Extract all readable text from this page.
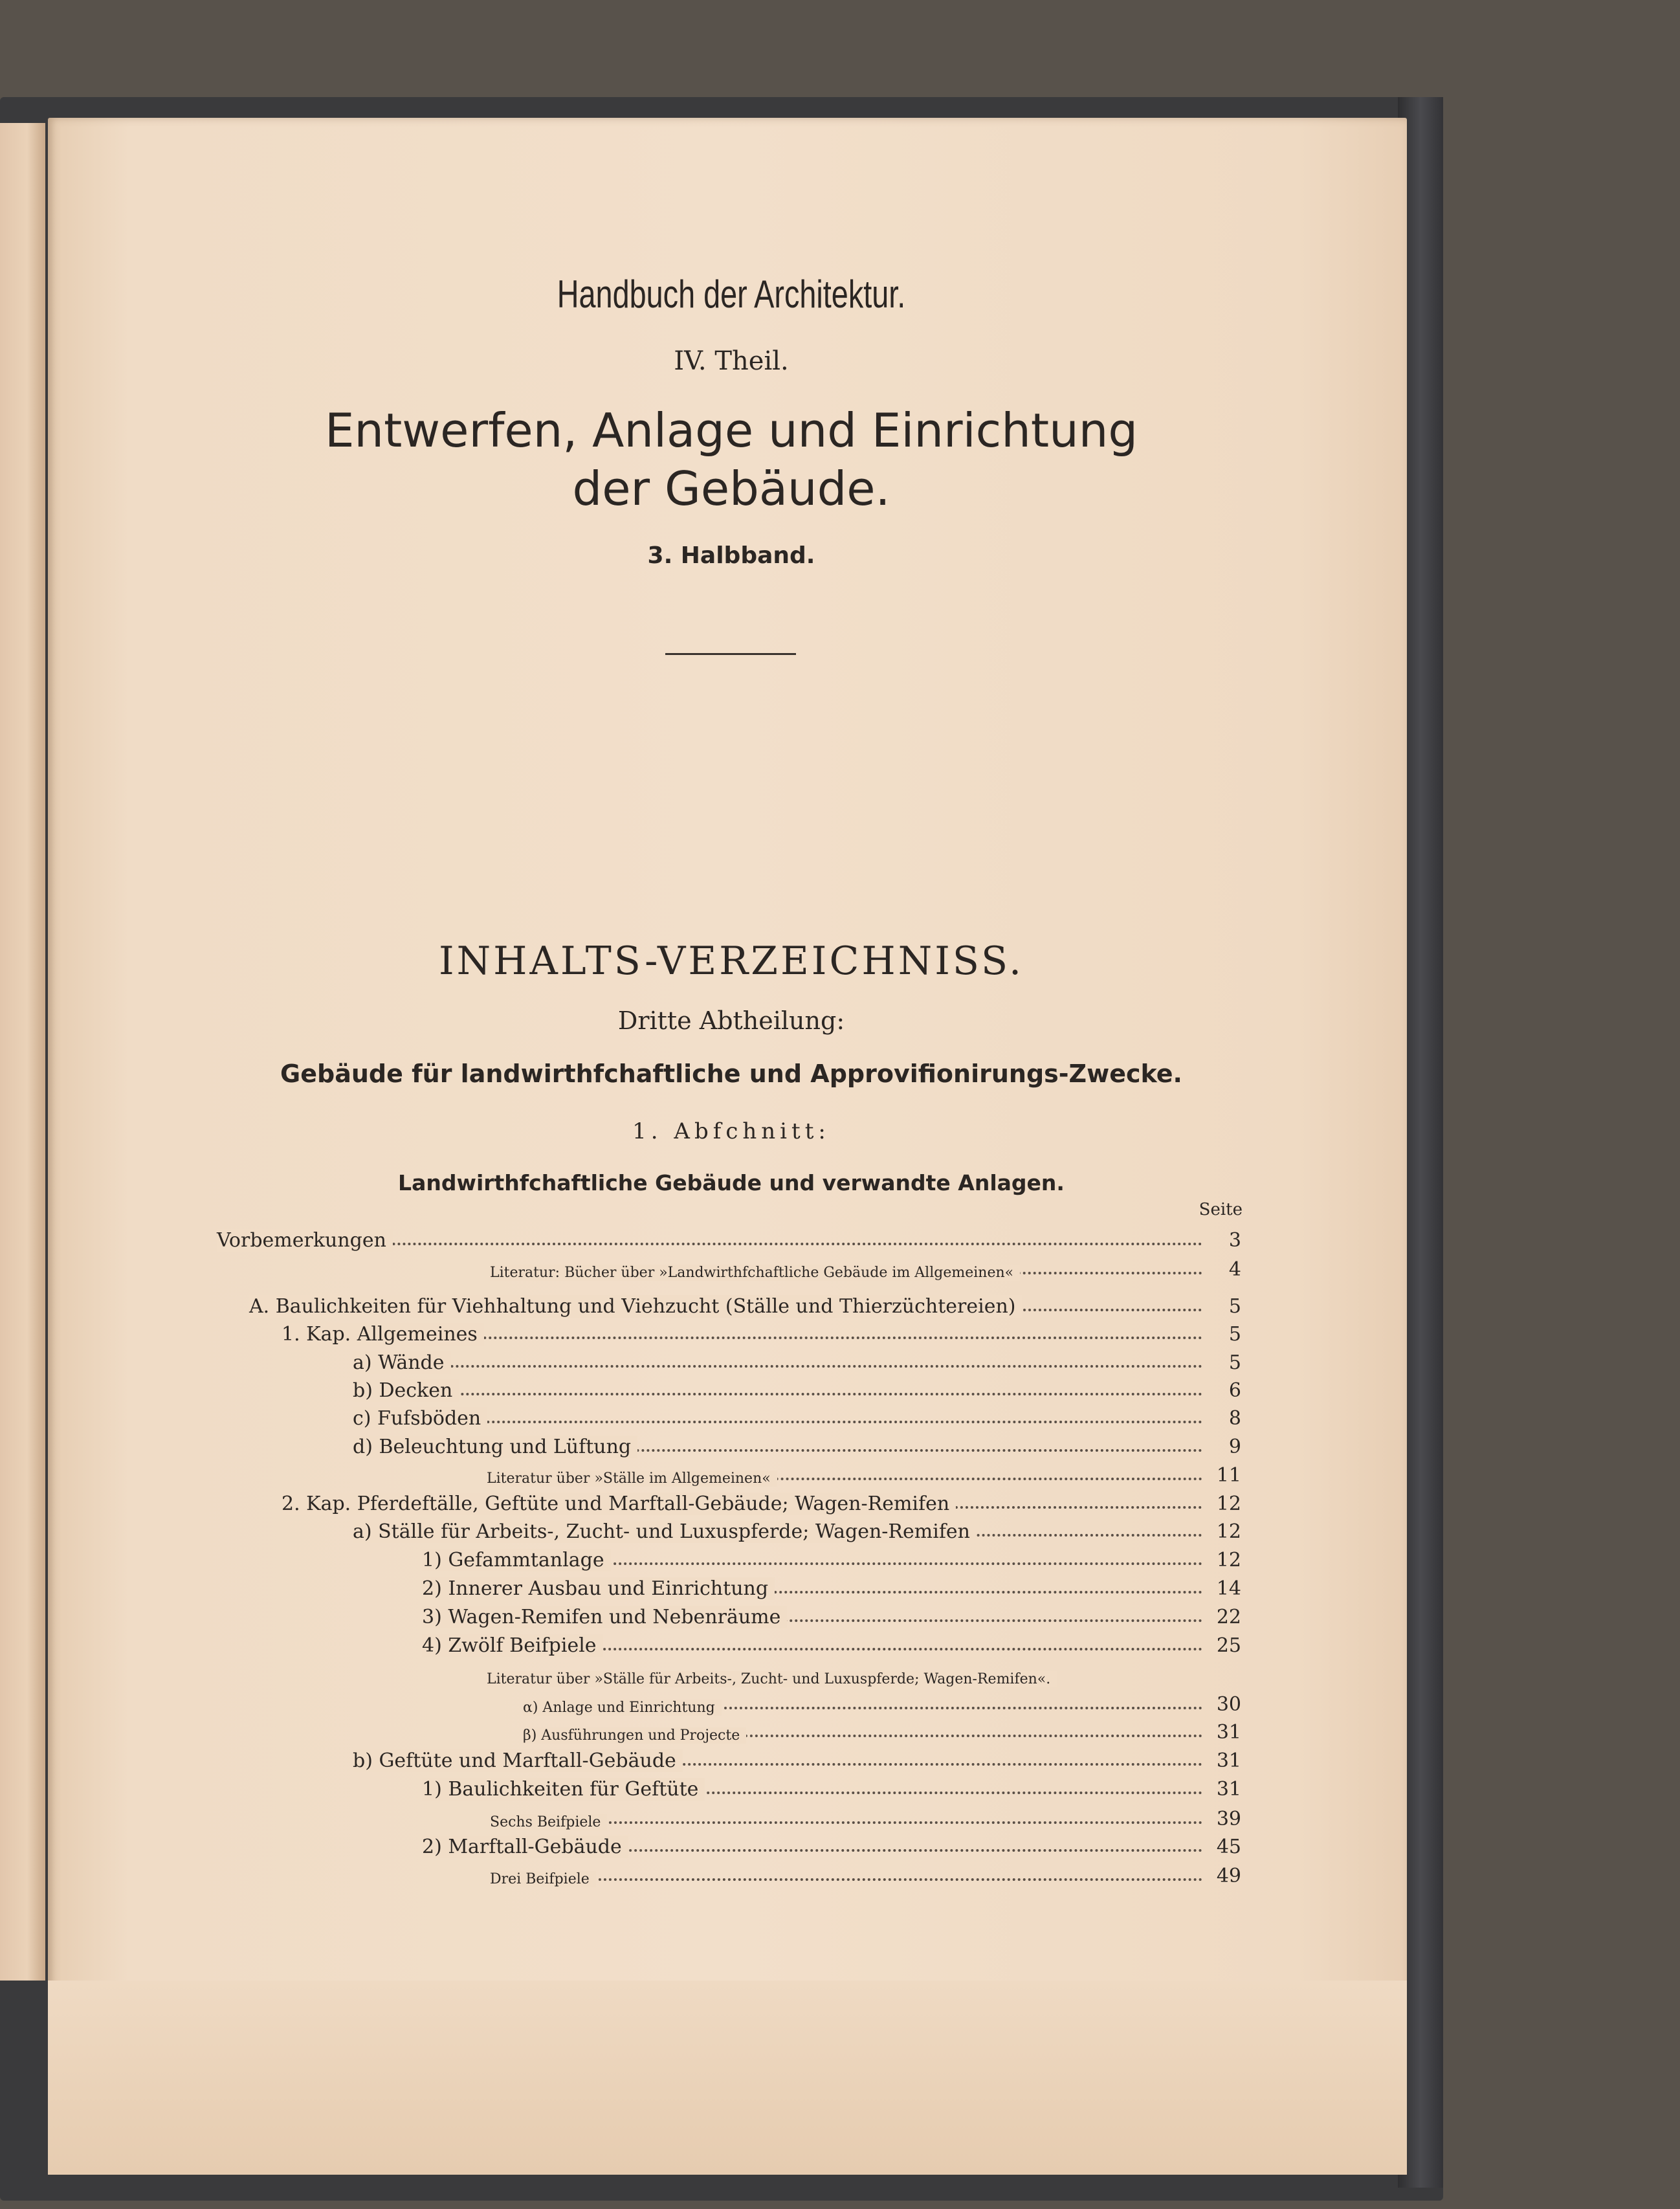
Handbuch der Architektur.
IV. Theil.
Entwerfen, Anlage und Einrichtung
der Gebäude.
3. Halbband.
INHALTS-VERZEICHNISS.
Dritte Abtheilung:
Gebäude für landwirthfchaftliche und Approvifionirungs-Zwecke.
1. Abfchnitt:
Landwirthfchaftliche Gebäude und verwandte Anlagen.
Seite
Vorbemerkungen	3
Literatur: Bücher über »Landwirthfchaftliche Gebäude im Allgemeinen«	4
A. Baulichkeiten für Viehhaltung und Viehzucht (Ställe und Thierzüchtereien)	5
1. Kap. Allgemeines	5
a) Wände	5
b) Decken	6
c) Fufsböden	8
d) Beleuchtung und Lüftung	9
Literatur über »Ställe im Allgemeinen«	11
2. Kap. Pferdeftälle, Geftüte und Marftall-Gebäude; Wagen-Remifen	12
a) Ställe für Arbeits-, Zucht- und Luxuspferde; Wagen-Remifen	12
1) Gefammtanlage	12
2) Innerer Ausbau und Einrichtung	14
3) Wagen-Remifen und Nebenräume	22
4) Zwölf Beifpiele	25
Literatur über »Ställe für Arbeits-, Zucht- und Luxuspferde; Wagen-Remifen«.
α) Anlage und Einrichtung	30
β) Ausführungen und Projecte	31
b) Geftüte und Marftall-Gebäude	31
1) Baulichkeiten für Geftüte	31
Sechs Beifpiele	39
2) Marftall-Gebäude	45
Drei Beifpiele	49
